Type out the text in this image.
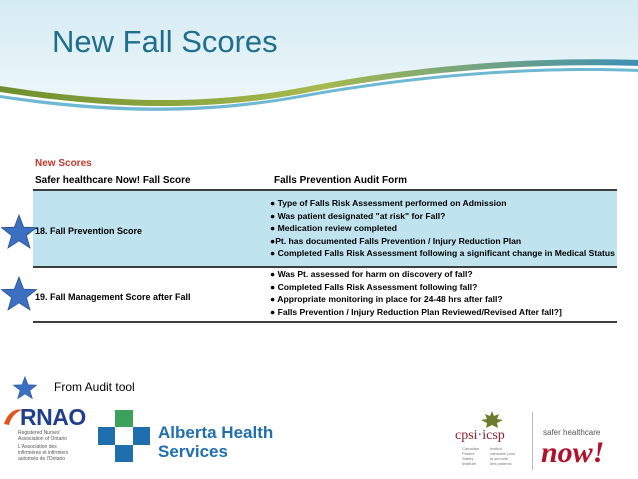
New Fall Scores
New Scores
Safer healthcare Now! Fall Score	Falls Prevention Audit Form
18. Fall Prevention Score
● Type of Falls Risk Assessment performed on Admission
● Was patient designated "at risk" for Fall?
● Medication review completed
●Pt. has documented Falls Prevention / Injury Reduction Plan
● Completed Falls Risk Assessment following a significant change in Medical Status
19. Fall Management Score after Fall
● Was Pt. assessed for harm on discovery of fall?
● Completed Falls Risk Assessment following fall?
● Appropriate monitoring in place for 24-48 hrs after fall?
● Falls Prevention / Injury Reduction Plan Reviewed/Revised After fall?]
From Audit tool
RNAO
Registered Nurses'
Association of Ontario
L'Association des
infirmières et infirmiers
autorisés de l'Ontario
Alberta Health
Services
cpsi·icsp
Canadian
Patient
Safety
Institute
Institut
canadien pour
la sécurité
des patients
safer healthcare
now!
